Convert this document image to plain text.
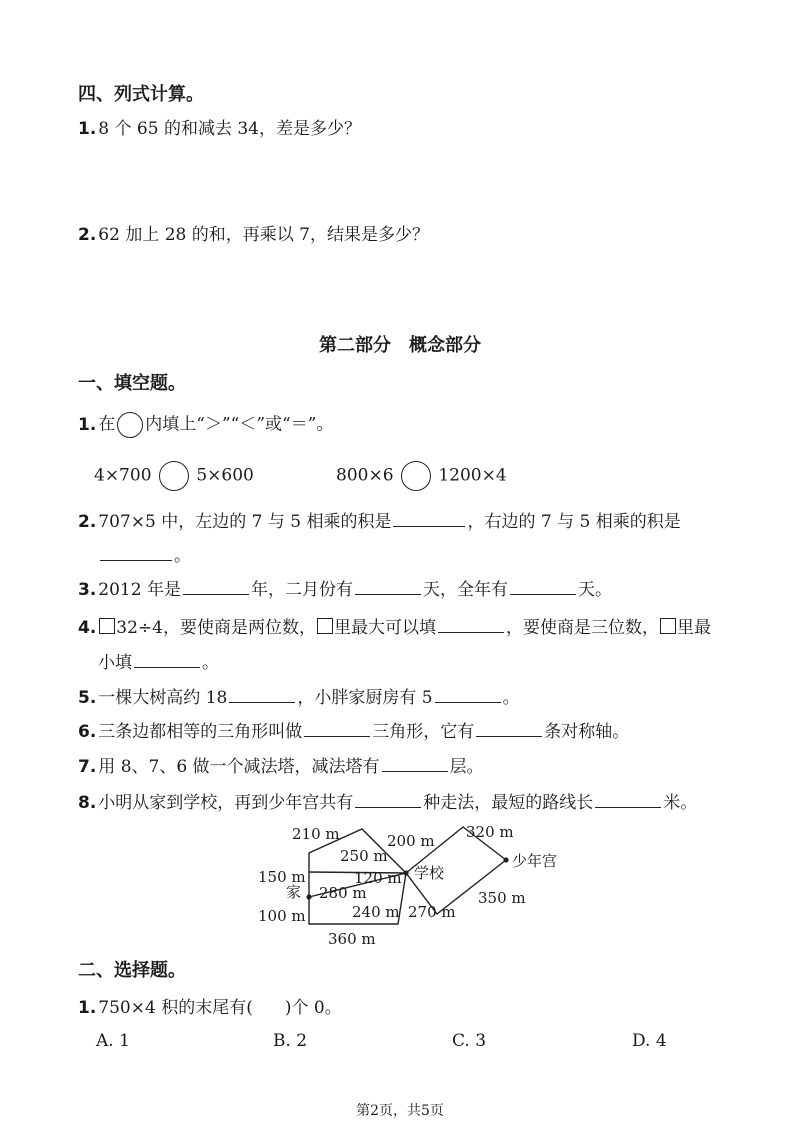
四、列式计算。
1. 8 个 65 的和减去 34，差是多少？
2. 62 加上 28 的和，再乘以 7，结果是多少？
第二部分　概念部分
一、填空题。
1. 在 内填上“＞”“＜”或“＝”。
4×700	5×600	800×6	1200×4
2. 707×5 中，左边的 7 与 5 相乘的积是	，右边的 7 与 5 相乘的积是
。
3. 2012 年是	年，二月份有	天，全年有	天。
4. 32÷4，要使商是两位数， 里最大可以填	，要使商是三位数， 里最
小填	。
5. 一棵大树高约 18	，小胖家厨房有 5	。
6. 三条边都相等的三角形叫做	三角形，它有	条对称轴。
7. 用 8、7、6 做一个减法塔，减法塔有	层。
8. 小明从家到学校，再到少年宫共有	种走法，最短的路线长	米。
家
学校
少年宫
210 m
250 m
200 m 320 m
150 m	120 m
280 m
100 m	240 m 270 m
350 m
360 m
二、选择题。
1. 750×4 积的末尾有( )个 0。
A. 1	B. 2	C. 3	D. 4
第2页，共5页
